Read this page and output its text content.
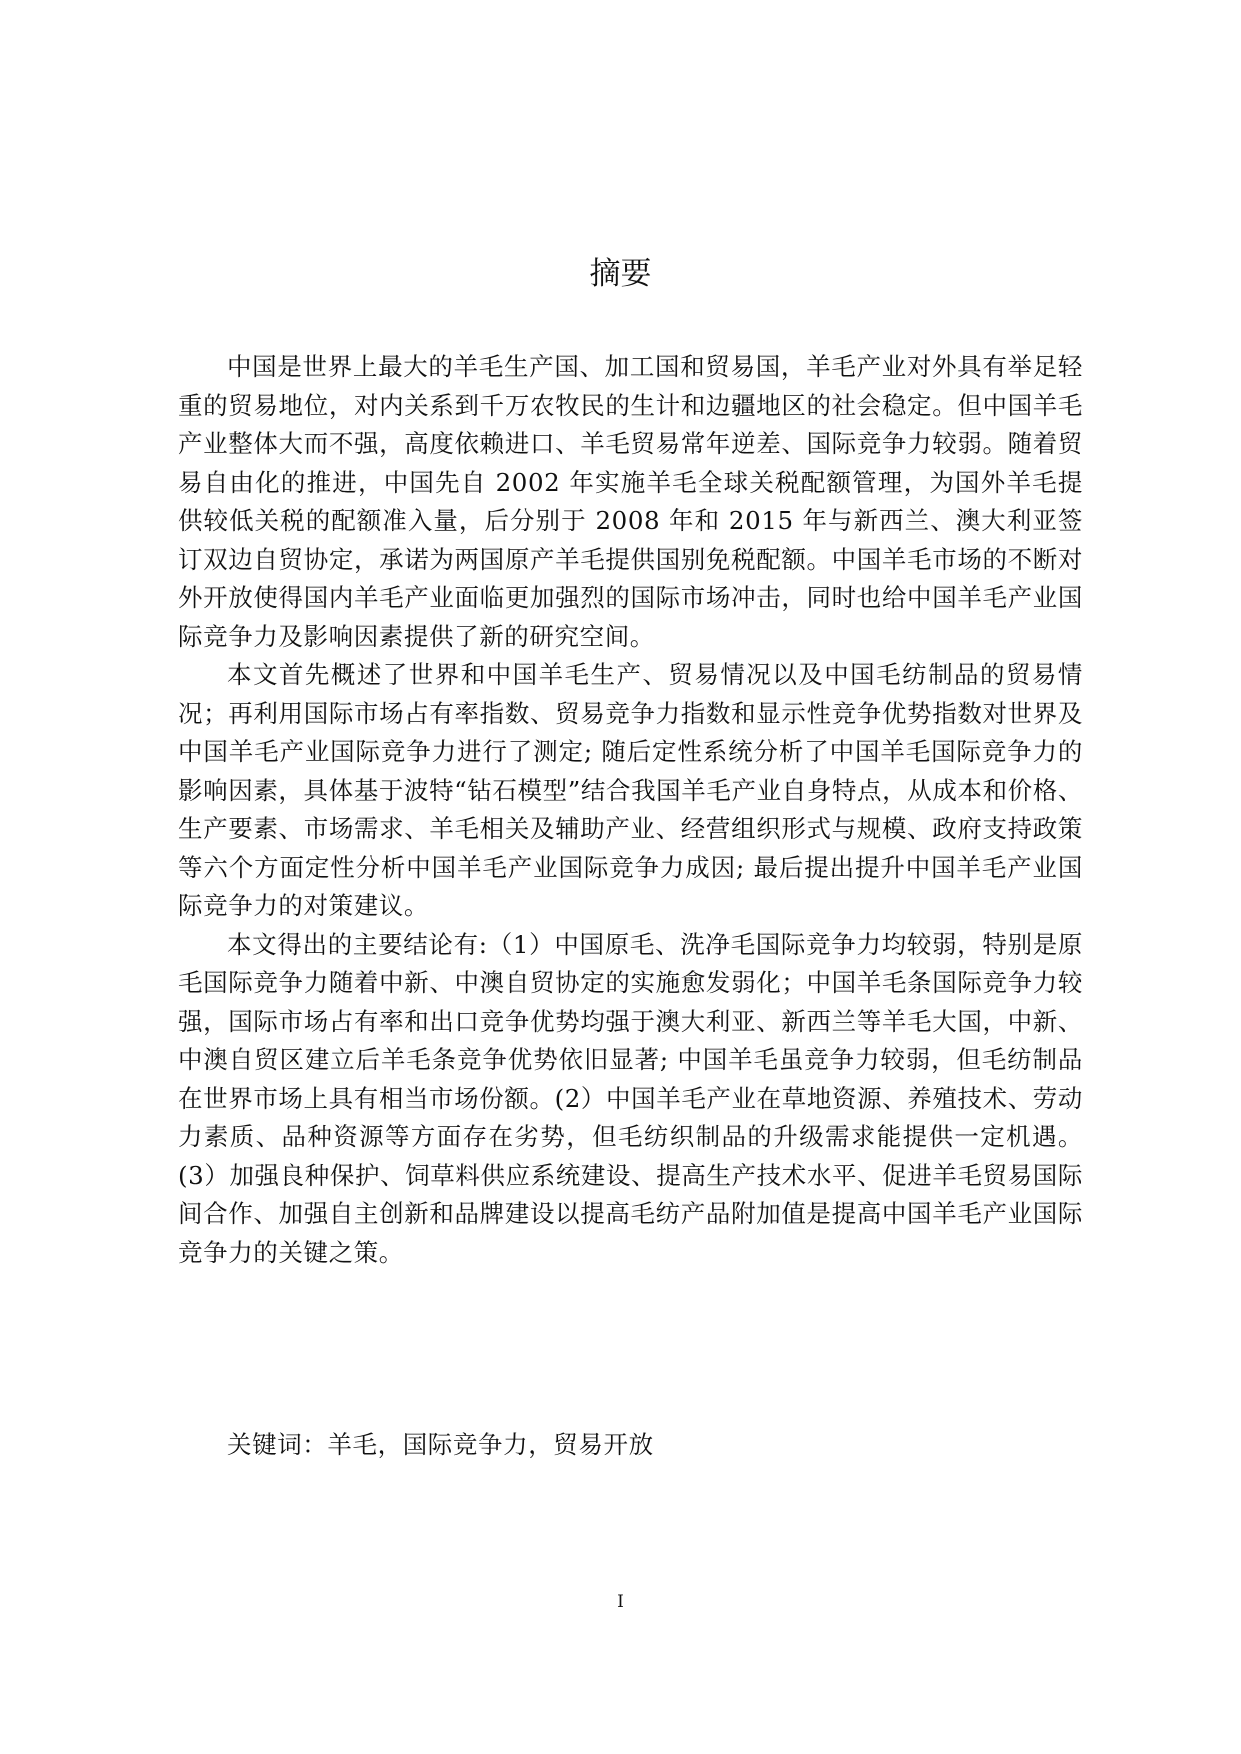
摘要

中国是世界上最大的羊毛生产国、加工国和贸易国，羊毛产业对外具有举足轻重的贸易地位，对内关系到千万农牧民的生计和边疆地区的社会稳定。但中国羊毛产业整体大而不强，高度依赖进口、羊毛贸易常年逆差、国际竞争力较弱。随着贸易自由化的推进，中国先自 2002 年实施羊毛全球关税配额管理，为国外羊毛提供较低关税的配额准入量，后分别于 2008 年和 2015 年与新西兰、澳大利亚签订双边自贸协定，承诺为两国原产羊毛提供国别免税配额。中国羊毛市场的不断对外开放使得国内羊毛产业面临更加强烈的国际市场冲击，同时也给中国羊毛产业国际竞争力及影响因素提供了新的研究空间。

本文首先概述了世界和中国羊毛生产、贸易情况以及中国毛纺制品的贸易情况；再利用国际市场占有率指数、贸易竞争力指数和显示性竞争优势指数对世界及中国羊毛产业国际竞争力进行了测定; 随后定性系统分析了中国羊毛国际竞争力的影响因素，具体基于波特“钻石模型”结合我国羊毛产业自身特点，从成本和价格、生产要素、市场需求、羊毛相关及辅助产业、经营组织形式与规模、政府支持政策等六个方面定性分析中国羊毛产业国际竞争力成因; 最后提出提升中国羊毛产业国际竞争力的对策建议。

本文得出的主要结论有:（1）中国原毛、洗净毛国际竞争力均较弱，特别是原毛国际竞争力随着中新、中澳自贸协定的实施愈发弱化；中国羊毛条国际竞争力较强，国际市场占有率和出口竞争优势均强于澳大利亚、新西兰等羊毛大国，中新、中澳自贸区建立后羊毛条竞争优势依旧显著; 中国羊毛虽竞争力较弱，但毛纺制品在世界市场上具有相当市场份额。(2）中国羊毛产业在草地资源、养殖技术、劳动力素质、品种资源等方面存在劣势，但毛纺织制品的升级需求能提供一定机遇。(3）加强良种保护、饲草料供应系统建设、提高生产技术水平、促进羊毛贸易国际间合作、加强自主创新和品牌建设以提高毛纺产品附加值是提高中国羊毛产业国际竞争力的关键之策。

关键词：羊毛，国际竞争力，贸易开放
I
